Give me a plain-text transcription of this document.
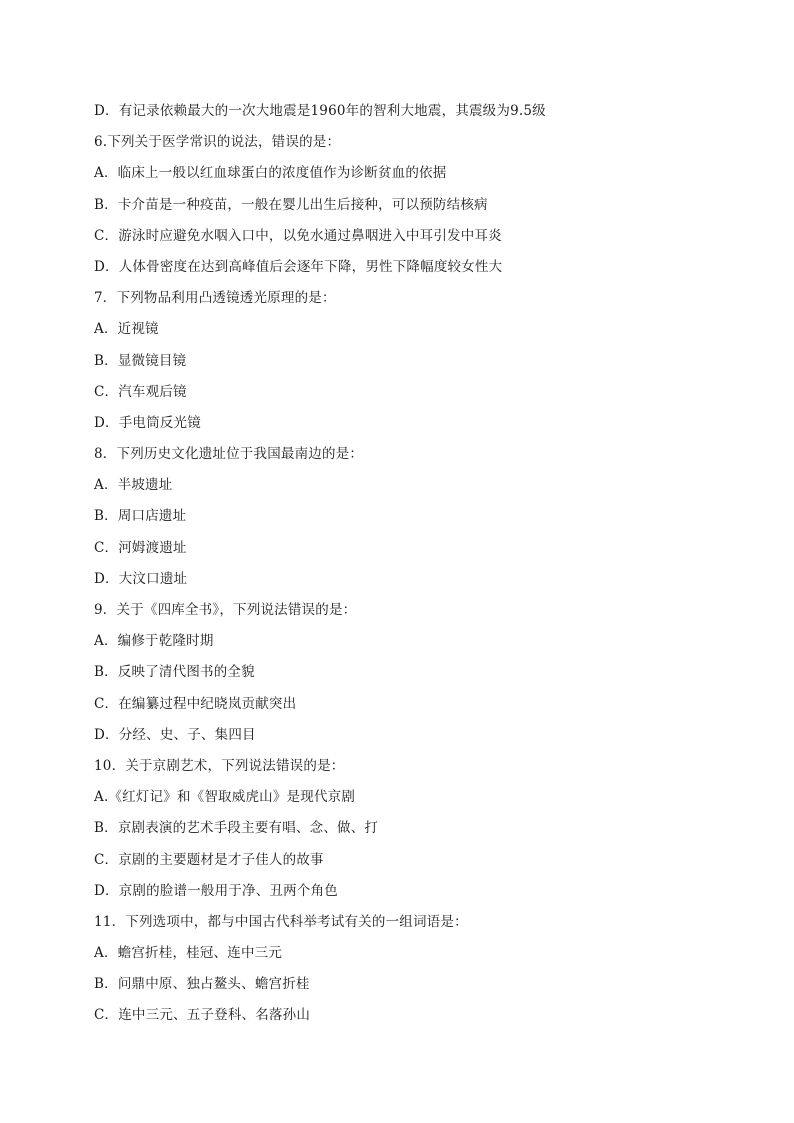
D．有记录依赖最大的一次大地震是1960年的智利大地震，其震级为9.5级
6.下列关于医学常识的说法，错误的是：
A．临床上一般以红血球蛋白的浓度值作为诊断贫血的依据
B．卡介苗是一种疫苗，一般在婴儿出生后接种，可以预防结核病
C．游泳时应避免水咽入口中，以免水通过鼻咽进入中耳引发中耳炎
D．人体骨密度在达到高峰值后会逐年下降，男性下降幅度较女性大
7．下列物品利用凸透镜透光原理的是：
A．近视镜
B．显微镜目镜
C．汽车观后镜
D．手电筒反光镜
8．下列历史文化遗址位于我国最南边的是：
A．半坡遗址
B．周口店遗址
C．河姆渡遗址
D．大汶口遗址
9．关于《四库全书》，下列说法错误的是：
A．编修于乾隆时期
B．反映了清代图书的全貌
C．在编纂过程中纪晓岚贡献突出
D．分经、史、子、集四目
10．关于京剧艺术，下列说法错误的是：
A.《红灯记》和《智取威虎山》是现代京剧
B．京剧表演的艺术手段主要有唱、念、做、打
C．京剧的主要题材是才子佳人的故事
D．京剧的脸谱一般用于净、丑两个角色
11．下列选项中，都与中国古代科举考试有关的一组词语是：
A．蟾宫折桂，桂冠、连中三元
B．问鼎中原、独占鳌头、蟾宫折桂
C．连中三元、五子登科、名落孙山
